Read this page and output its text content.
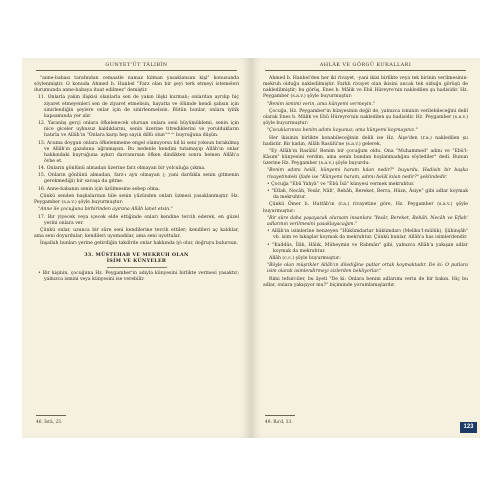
GUNYET'ÜT TÂLIBÎN

"anne-babası tarafından cemaatle namaz kılman yasaklansan kişi" konusunda söylenmiştir. O konuda Ahmed b. Hanbel "Farz olan bir şeyi terk etmeyi istemeleri durumunda anne-babaya itaat edilmez" demiştir.

11. Onlarla yakın ilişkisi olanlarla sen de yakın ilişki kurmalı; onlardan ayrılıp hiç ziyaret etmeyenleri sen de ziyaret etmelisin, hayatta ve ölümde kendi şahsın için sinirlendiğin şeylere onlar için de sinirlenmelisin. Bütün bunlar, onlara iyilik kapsamında yer alır.

12. Yaranlış gerçi onlara öfkelenecek olursan onlara seni büyümüklemi, senin için nice giceler uykusuz kaldıklarını, senin üzerine titrediklerini ve yoruldukların hatırla ve Allâh'ın "Onlara karşı hep sayılı dillü olun"^^ buyruğuna düşün.

13. Acuma doygun onlara öfkelenmeme engel olamıyorsa bil ki seni yoksun bırakılmış ve Allâh'ın gazabına uğramışsın. Bu nedenle kendini tutamayıp Allâh'ın onlar hakkındaki buyruğuna aykırı davranırsan öfken dindikten sonra hemen Allâh'a övbe et.

14. Onların gönlünü almadan üzerine farz olmayan bir yolculuğa çıkma.

15. Onların gönlünü almadan, farz-ı ayn olmayan (; yani dardıkla senin gitmenin gerekmediği) bir savaşa da gitme.

16. Anne-babanın senin için üzülmesine sebep olma.

Çünkü senden başkalarının bile senin yüzünden onları üzmesi yasaklanmıştır. Hz. Peygamber (s.a.v.) şöyle buyurmuştur:

"Anne ile çocuğuna birbirinden ayırana Allâh lanet etsin."

17. Bir yiyecek veya içecek elde ettiğinde onları kendine tercih ederek, en güzel yerini onlara ver.

Çünkü onlar, uzunca bir süre seni kendilerine tercih ettiler; kendileri aç kaldılar, ama seni doyurdular; kendileri uyumadılar, ama seni uyuttular.

İnşallah bunları yerine getirdiğin takdirde onlar hakkında iyi olur, doğruyu bulursun.

33. MÜSTEHAB VE MEKRUH OLAN
İSİM VE KÜNYELER

• Bir kişinin, çocuğuna Hz. Peygamber'in adıyla künyesini birlikte vermesi yasaktır; yalnızca ismini veya künyesini ise verebilir.

46. İsrâ, 23.
AHLÂK VE GÖRGÜ KURALLARI

Ahmed b. Hanbel'den her iki rivayet, -yani ikisi birlikte veya tek birinin verilmesinin- mekruh olduğu nakledilmiştir. Farklı rivayet olan ikisini ancak tek olduğu görüşü de nakledilmiştir; bu görüş, Enes b. Mâlik ve Ebû Hüreyre'nin nakledilen şu hadisidir. Hz. Peygamber (s.a.v.) şöyle buyurmuştur:

"Benim ismimi verin, ama künyemi vermeyin."

Çocuğa, Hz. Peygamber'in künyesinin değil de, yalnızca isminin verilebileceğini delil olarak Enes b. Mâlik ve Ebû Hüreyre'nin nakledilen şu hadisidir. Hz. Peygamber (s.a.v.) şöyle buyurmuştur:

"Çocuklarınıza benim adımı koyunuz; ama künyemi koymayınız."

Her ikisinin birlikte konabileceğinin delili ise Hz. Âişe'den (r.a.) nakledilen şu hadistir. Bir kadın, Allâh Rasûlü'ne (s.a.v.) gelerek,

"Ey Allâh'ın Rasûlü! Benim bir çocuğum oldu. Ona "Muhammed" adını ve "Ebû'l-Kâsım" künyesini verdim, ama senin bundan hoşlanmadığını söylediler" dedi. Bunun üzerine Hz. Peygamber (s.a.v.) şöyle buyurdu:

"Benim adımı helâl, künyemi haram kılan nedir?" buyurdu. Hadisin bir başka rivayetindeki ifade ise "Künyemi haram, adımı helâl kılan nedir?" şeklindedir.

• Çocuğa "Ebû Yahyâ" ve "Ebû İsâ" künyesi vermek mekruhtur.

• "Eflah, Necâh, Yesâr, Nâfi', Rebâh, Bereket, Berra, Hüzn, Âsiye" gibi adlar koymak da mekruhtur.

Çünkü Ömer b. Hattâb'ın (r.a.) rivayetine göre, Hz. Peygamber (s.a.v.) şöyle buyurmuştur:

"Bir süre daha yaşayacak olursam insanlara 'Yesâr, Bereket, Rebâh, Necâh ve Eflah' adlarının verilmesini yasaklayacağım."

• Allâh'ın isimlerine benzeyen "Hükümdarlar hükümdarı (Meliku'l-mülûk), Şâhinşâh" vb. isim ve lakaplar koymak da mekruhtur. Çünkü bunlar, Allâh'a has isimlerdendir.

• "Kuddûs, İlâh, Hâlık, Müheymin ve Rahmân" gibi, yalnızca Allâh'a yakışan adlar koymak da mekruhtur.

Allâh (c.c.) şöyle buyurmuştur:

"Böyle olan müşrikler Allâh'ın dilediğine putlar ortak koymaktadır. De ki: O putlara isim olarak isimlendirmeyi sizlerden bekliyorlar."

Rimi tefsirciler, bu âyeti "De ki: Onlara benim adlarımı verin de bir bakın. Hiç bu adlar, onlara yakışıyor mu?" biçiminde yorumlamışlardır.

49. Ra'd, 33.
123
